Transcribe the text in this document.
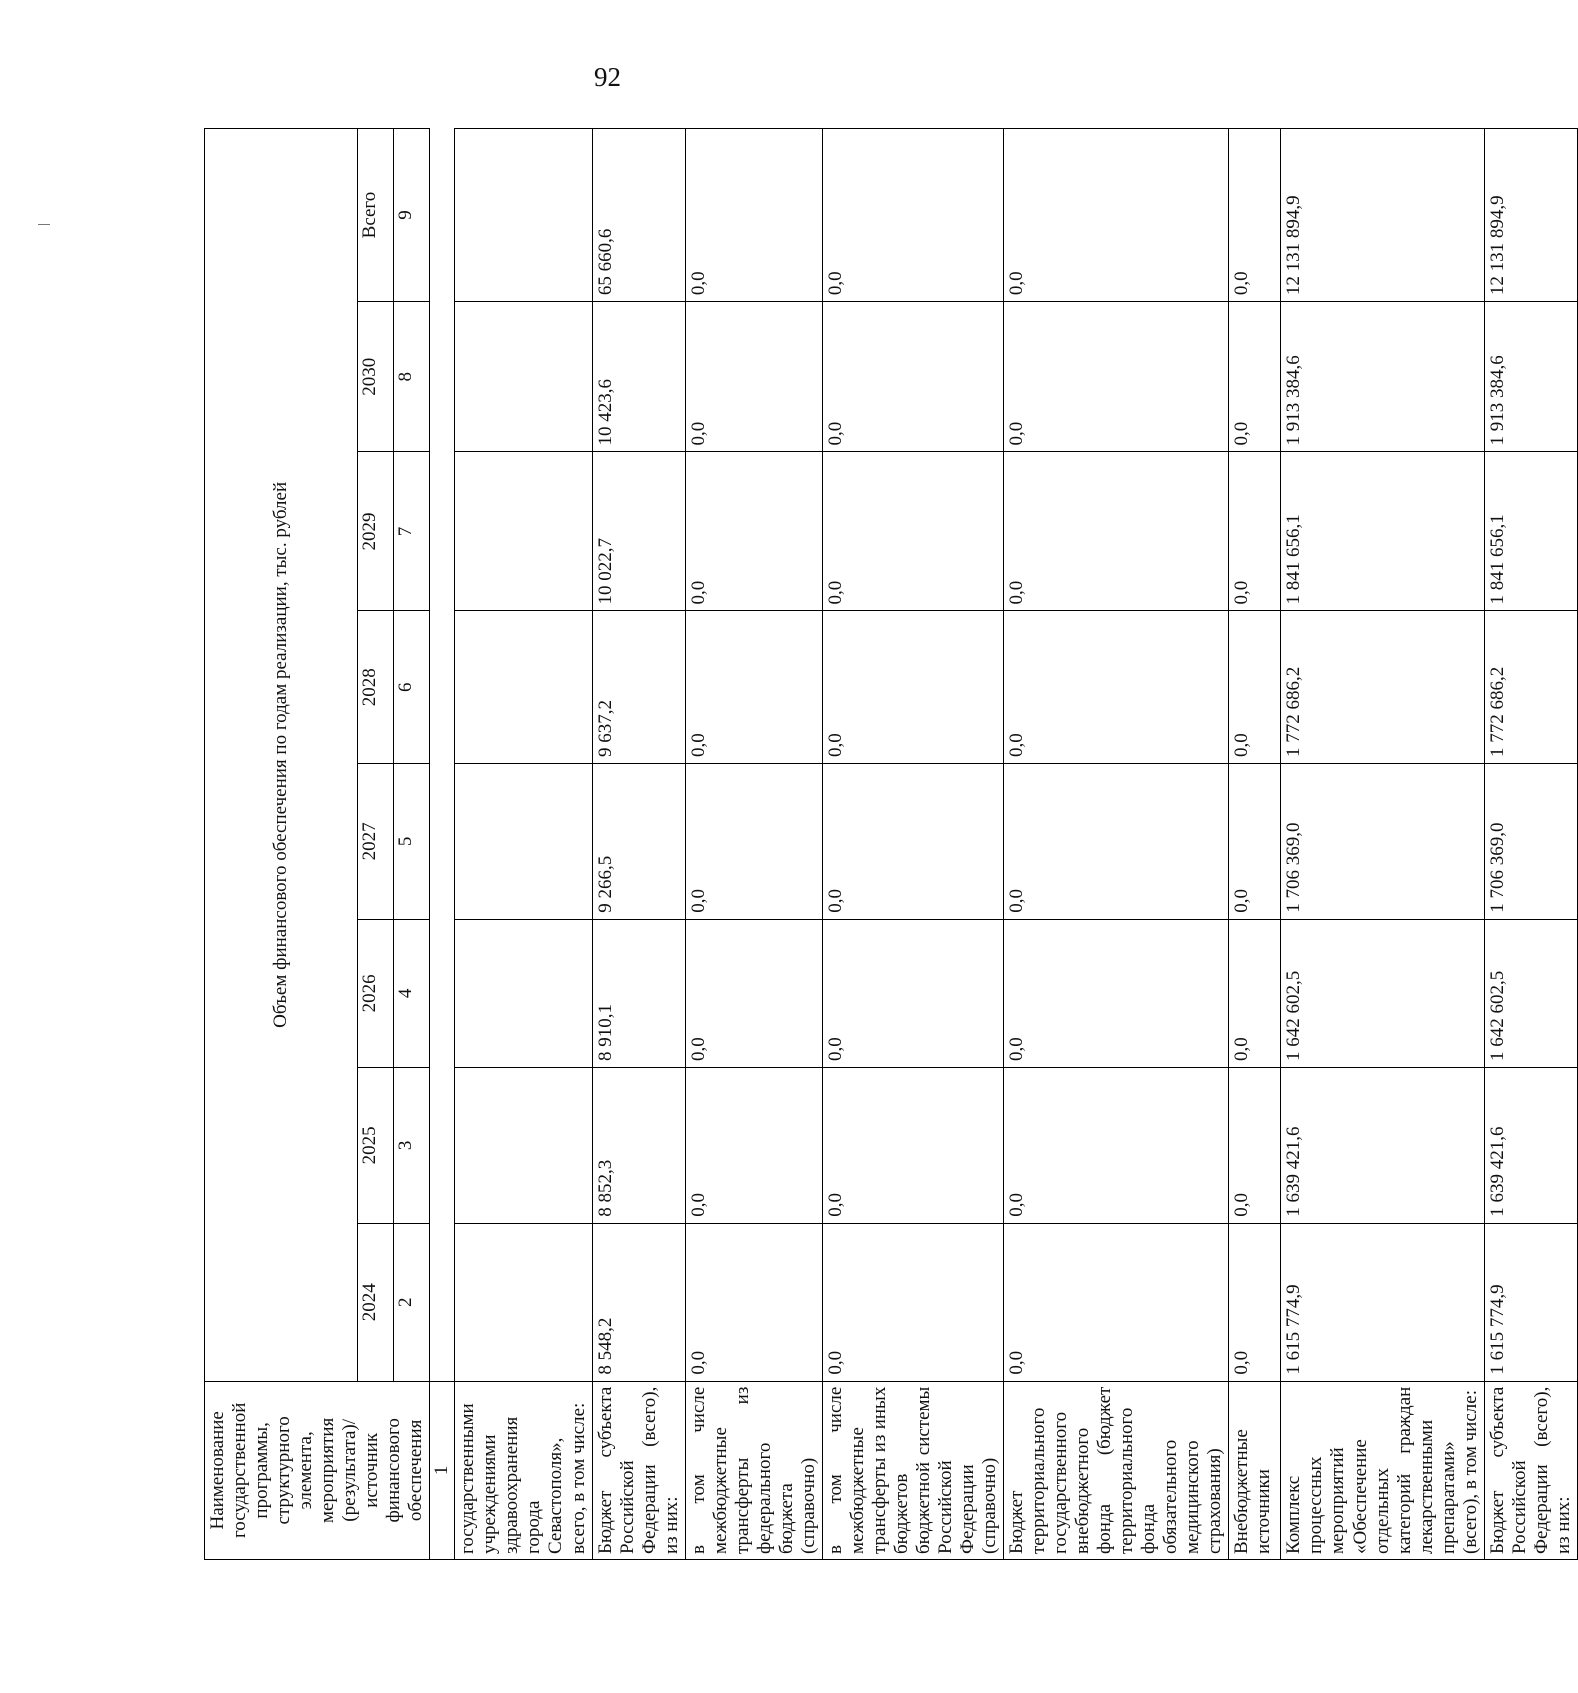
92
Наименование государственной программы, структурного элемента, мероприятия (результата)/источник финансового обеспечения	Объем финансового обеспечения по годам реализации, тыс. рублей							
	2024	2025	2026	2027	2028	2029	2030	Всего
	2	3	4	5	6	7	8	9
1								
государственными учреждениями здравоохранения города Севастополя», всего, в том числе:								
Бюджет субъекта Российской Федерации (всего), из них:	8 548,2	8 852,3	8 910,1	9 266,5	9 637,2	10 022,7	10 423,6	65 660,6
в том числе межбюджетные трансферты из федерального бюджета (справочно)	0,0	0,0	0,0	0,0	0,0	0,0	0,0	0,0
в том числе межбюджетные трансферты из иных бюджетов бюджетной системы Российской Федерации (справочно)	0,0	0,0	0,0	0,0	0,0	0,0	0,0	0,0
Бюджет территориального государственного внебюджетного фонда (бюджет территориального фонда обязательного медицинского страхования)	0,0	0,0	0,0	0,0	0,0	0,0	0,0	0,0
Внебюджетные источники	0,0	0,0	0,0	0,0	0,0	0,0	0,0	0,0
Комплекс процессных мероприятий «Обеспечение отдельных категорий граждан лекарственными препаратами» (всего), в том числе:	1 615 774,9	1 639 421,6	1 642 602,5	1 706 369,0	1 772 686,2	1 841 656,1	1 913 384,6	12 131 894,9
Бюджет субъекта Российской Федерации (всего), из них:	1 615 774,9	1 639 421,6	1 642 602,5	1 706 369,0	1 772 686,2	1 841 656,1	1 913 384,6	12 131 894,9
